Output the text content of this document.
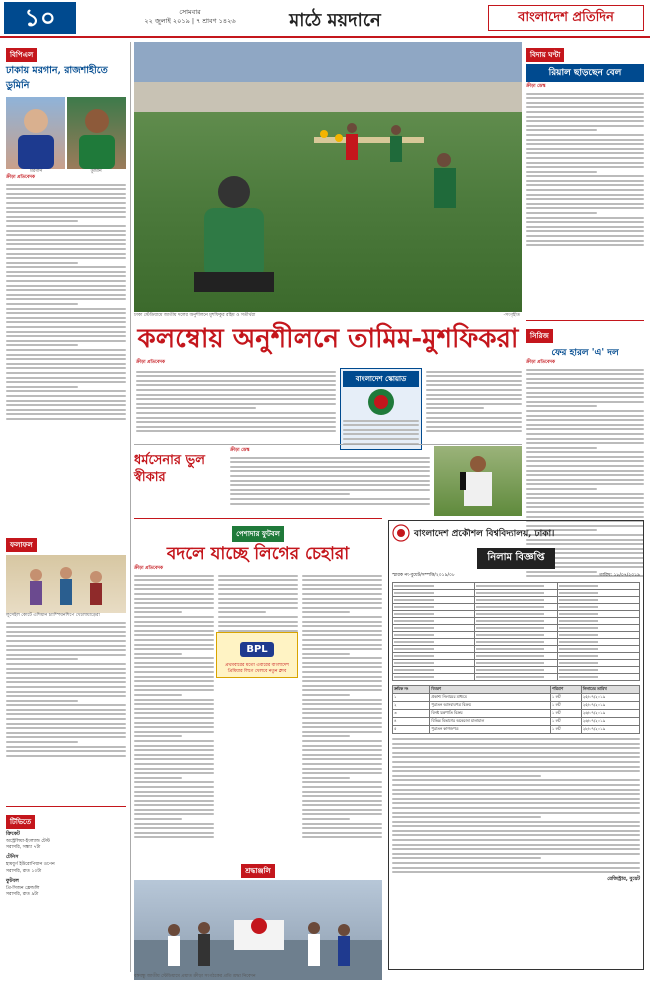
১০	সোমবার
২২ জুলাই ২০১৯ | ৭ শ্রাবণ ১৪২৬	মাঠে ময়দানে	বাংলাদেশ প্রতিদিন
বিপিএল
ঢাকায় মরগান, রাজশাহীতে ডুমিনি
মরগান	ডুমিনি
ক্রীড়া প্রতিবেদক
ফলাফল
লুসেইল কোর্টে এশিয়ান চ্যাম্পিয়নশিপে খেলোয়াড়েরা
টিভিতে
ক্রিকেট
অস্ট্রেলিয়া-ইংল্যান্ড টেস্ট
সরাসরি, সন্ধ্যা ৭টা
টেনিস
হামবুর্গ ইউরোপিয়ান ওপেন
সরাসরি, রাত ১০টা
ফুটবল
প্রি-সিজন ফ্রেন্ডলি
সরাসরি, রাত ৯টা
ঢাকা স্টেডিয়ামে জাতীয় দলের অনুশীলনে মুশফিকুর রহিম ও সতীর্থরা	-সংগৃহীত
বিদায় ঘণ্টা
রিয়াল ছাড়ছেন বেল
ক্রীড়া ডেস্ক
সিরিজ
ফের হারল 'এ' দল
ক্রীড়া প্রতিবেদক
কলম্বোয় অনুশীলনে তামিম-মুশফিকরা
ক্রীড়া প্রতিবেদক
বাংলাদেশ স্কোয়াড
ধর্মসেনার ভুল স্বীকার
ক্রীড়া ডেস্ক
পেশাদার ফুটবল
বদলে যাচ্ছে লিগের চেহারা
ক্রীড়া প্রতিবেদক
BPL
প্রথমবারের মতো এবারের বাংলাদেশ প্রিমিয়ার লিগে খেলবে নতুন ক্লাব
শ্রদ্ধাঞ্জলি
বঙ্গবন্ধু জাতীয় স্টেডিয়ামে প্রয়াত ক্রীড়া সংগঠকের প্রতি শ্রদ্ধা নিবেদন
বাংলাদেশ প্রকৌশল বিশ্ববিদ্যালয়, ঢাকা।
নিলাম বিজ্ঞপ্তি
স্মারক নং-বুয়েট/সম্পত্তি/২০১৯/০৮	তারিখ: ১৮/০৭/২০১৯

ক্রমিক নং	বিবরণ	পরিমাণ	নিলামের তারিখ
১	প্রকাশ্য নিলামের মাধ্যমে	১ লট	২৫/০৭/২০১৯
২	পুরাতন আসবাবপত্র বিক্রয়	১ লট	২৫/০৭/২০১৯
৩	বিনষ্ট যন্ত্রপাতি বিক্রয়	১ লট	২৬/০৭/২০১৯
৪	বিভিন্ন বিভাগের অকেজো মালামাল	১ লট	২৬/০৭/২০১৯
৫	পুরাতন কাগজপত্র	১ লট	২৮/০৭/২০১৯
রেজিস্ট্রার, বুয়েট
